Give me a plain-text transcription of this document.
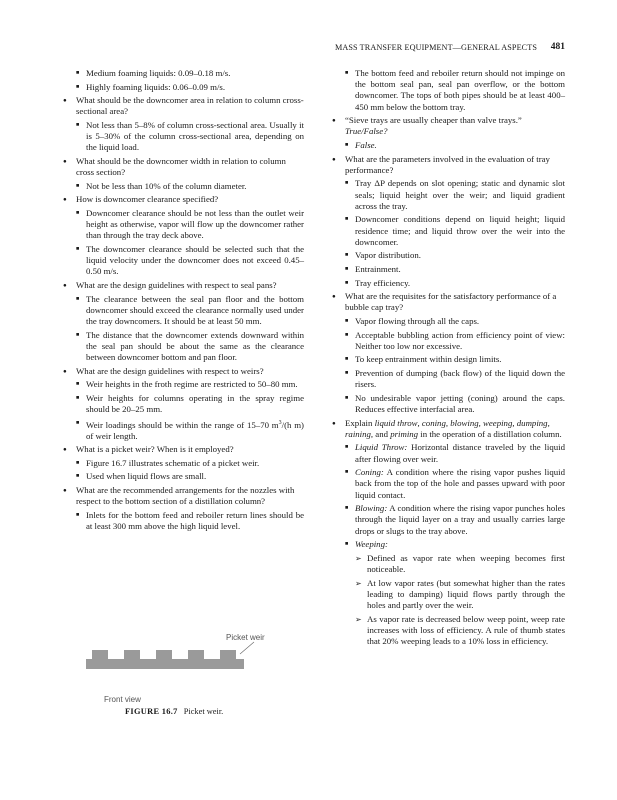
MASS TRANSFER EQUIPMENT—GENERAL ASPECTS 481
■ Medium foaming liquids: 0.09–0.18 m/s.
■ Highly foaming liquids: 0.06–0.09 m/s.
● What should be the downcomer area in relation to column cross-sectional area?
■ Not less than 5–8% of column cross-sectional area. Usually it is 5–30% of the column cross-sectional area, depending on the liquid load.
● What should be the downcomer width in relation to column cross section?
■ Not be less than 10% of the column diameter.
● How is downcomer clearance specified?
■ Downcomer clearance should be not less than the outlet weir height as otherwise, vapor will flow up the downcomer rather than through the tray deck above.
■ The downcomer clearance should be selected such that the liquid velocity under the downcomer does not exceed 0.45–0.50 m/s.
● What are the design guidelines with respect to seal pans?
■ The clearance between the seal pan floor and the bottom downcomer should exceed the clearance normally used under the tray downcomers. It should be at least 50 mm.
■ The distance that the downcomer extends downward within the seal pan should be about the same as the clearance between downcomer bottom and pan floor.
● What are the design guidelines with respect to weirs?
■ Weir heights in the froth regime are restricted to 50–80 mm.
■ Weir heights for columns operating in the spray regime should be 20–25 mm.
■ Weir loadings should be within the range of 15–70 $m^3/(h$ m) of weir length.
● What is a picket weir? When is it employed?
■ Figure 16.7 illustrates schematic of a picket weir.
■ Used when liquid flows are small.
● What are the recommended arrangements for the nozzles with respect to the bottom section of a distillation column?
■ Inlets for the bottom feed and reboiler return lines should be at least 300 mm above the high liquid level.
Picket weir
Front view
FIGURE 16.7 Picket weir.
■ The bottom feed and reboiler return should not impinge on the bottom seal pan, seal pan overflow, or the bottom downcomer. The tops of both pipes should be at least 400–450 mm below the bottom tray.
● “Sieve trays are usually cheaper than valve trays.” True/False?
■ False.
● What are the parameters involved in the evaluation of tray performance?
■ Tray ΔP depends on slot opening; static and dynamic slot seals; liquid height over the weir; and liquid gradient across the tray.
■ Downcomer conditions depend on liquid height; liquid residence time; and liquid throw over the weir into the downcomer.
■ Vapor distribution.
■ Entrainment.
■ Tray efficiency.
● What are the requisites for the satisfactory performance of a bubble cap tray?
■ Vapor flowing through all the caps.
■ Acceptable bubbling action from efficiency point of view: Neither too low nor excessive.
■ To keep entrainment within design limits.
■ Prevention of dumping (back flow) of the liquid down the risers.
■ No undesirable vapor jetting (coning) around the caps. Reduces effective interfacial area.
● Explain liquid throw, coning, blowing, weeping, dumping, raining, and priming in the operation of a distillation column.
■ Liquid Throw: Horizontal distance traveled by the liquid after flowing over weir.
■ Coning: A condition where the rising vapor pushes liquid back from the top of the hole and passes upward with poor liquid contact.
■ Blowing: A condition where the rising vapor punches holes through the liquid layer on a tray and usually carries large drops or slugs to the tray above.
■ Weeping:
➢ Defined as vapor rate when weeping becomes first noticeable.
➢ At low vapor rates (but somewhat higher than the rates leading to damping) liquid flows partly through the holes and partly over the weir.
➢ As vapor rate is decreased below weep point, weep rate increases with loss of efficiency. A rule of thumb states that 20% weeping leads to a 10% loss in efficiency.
